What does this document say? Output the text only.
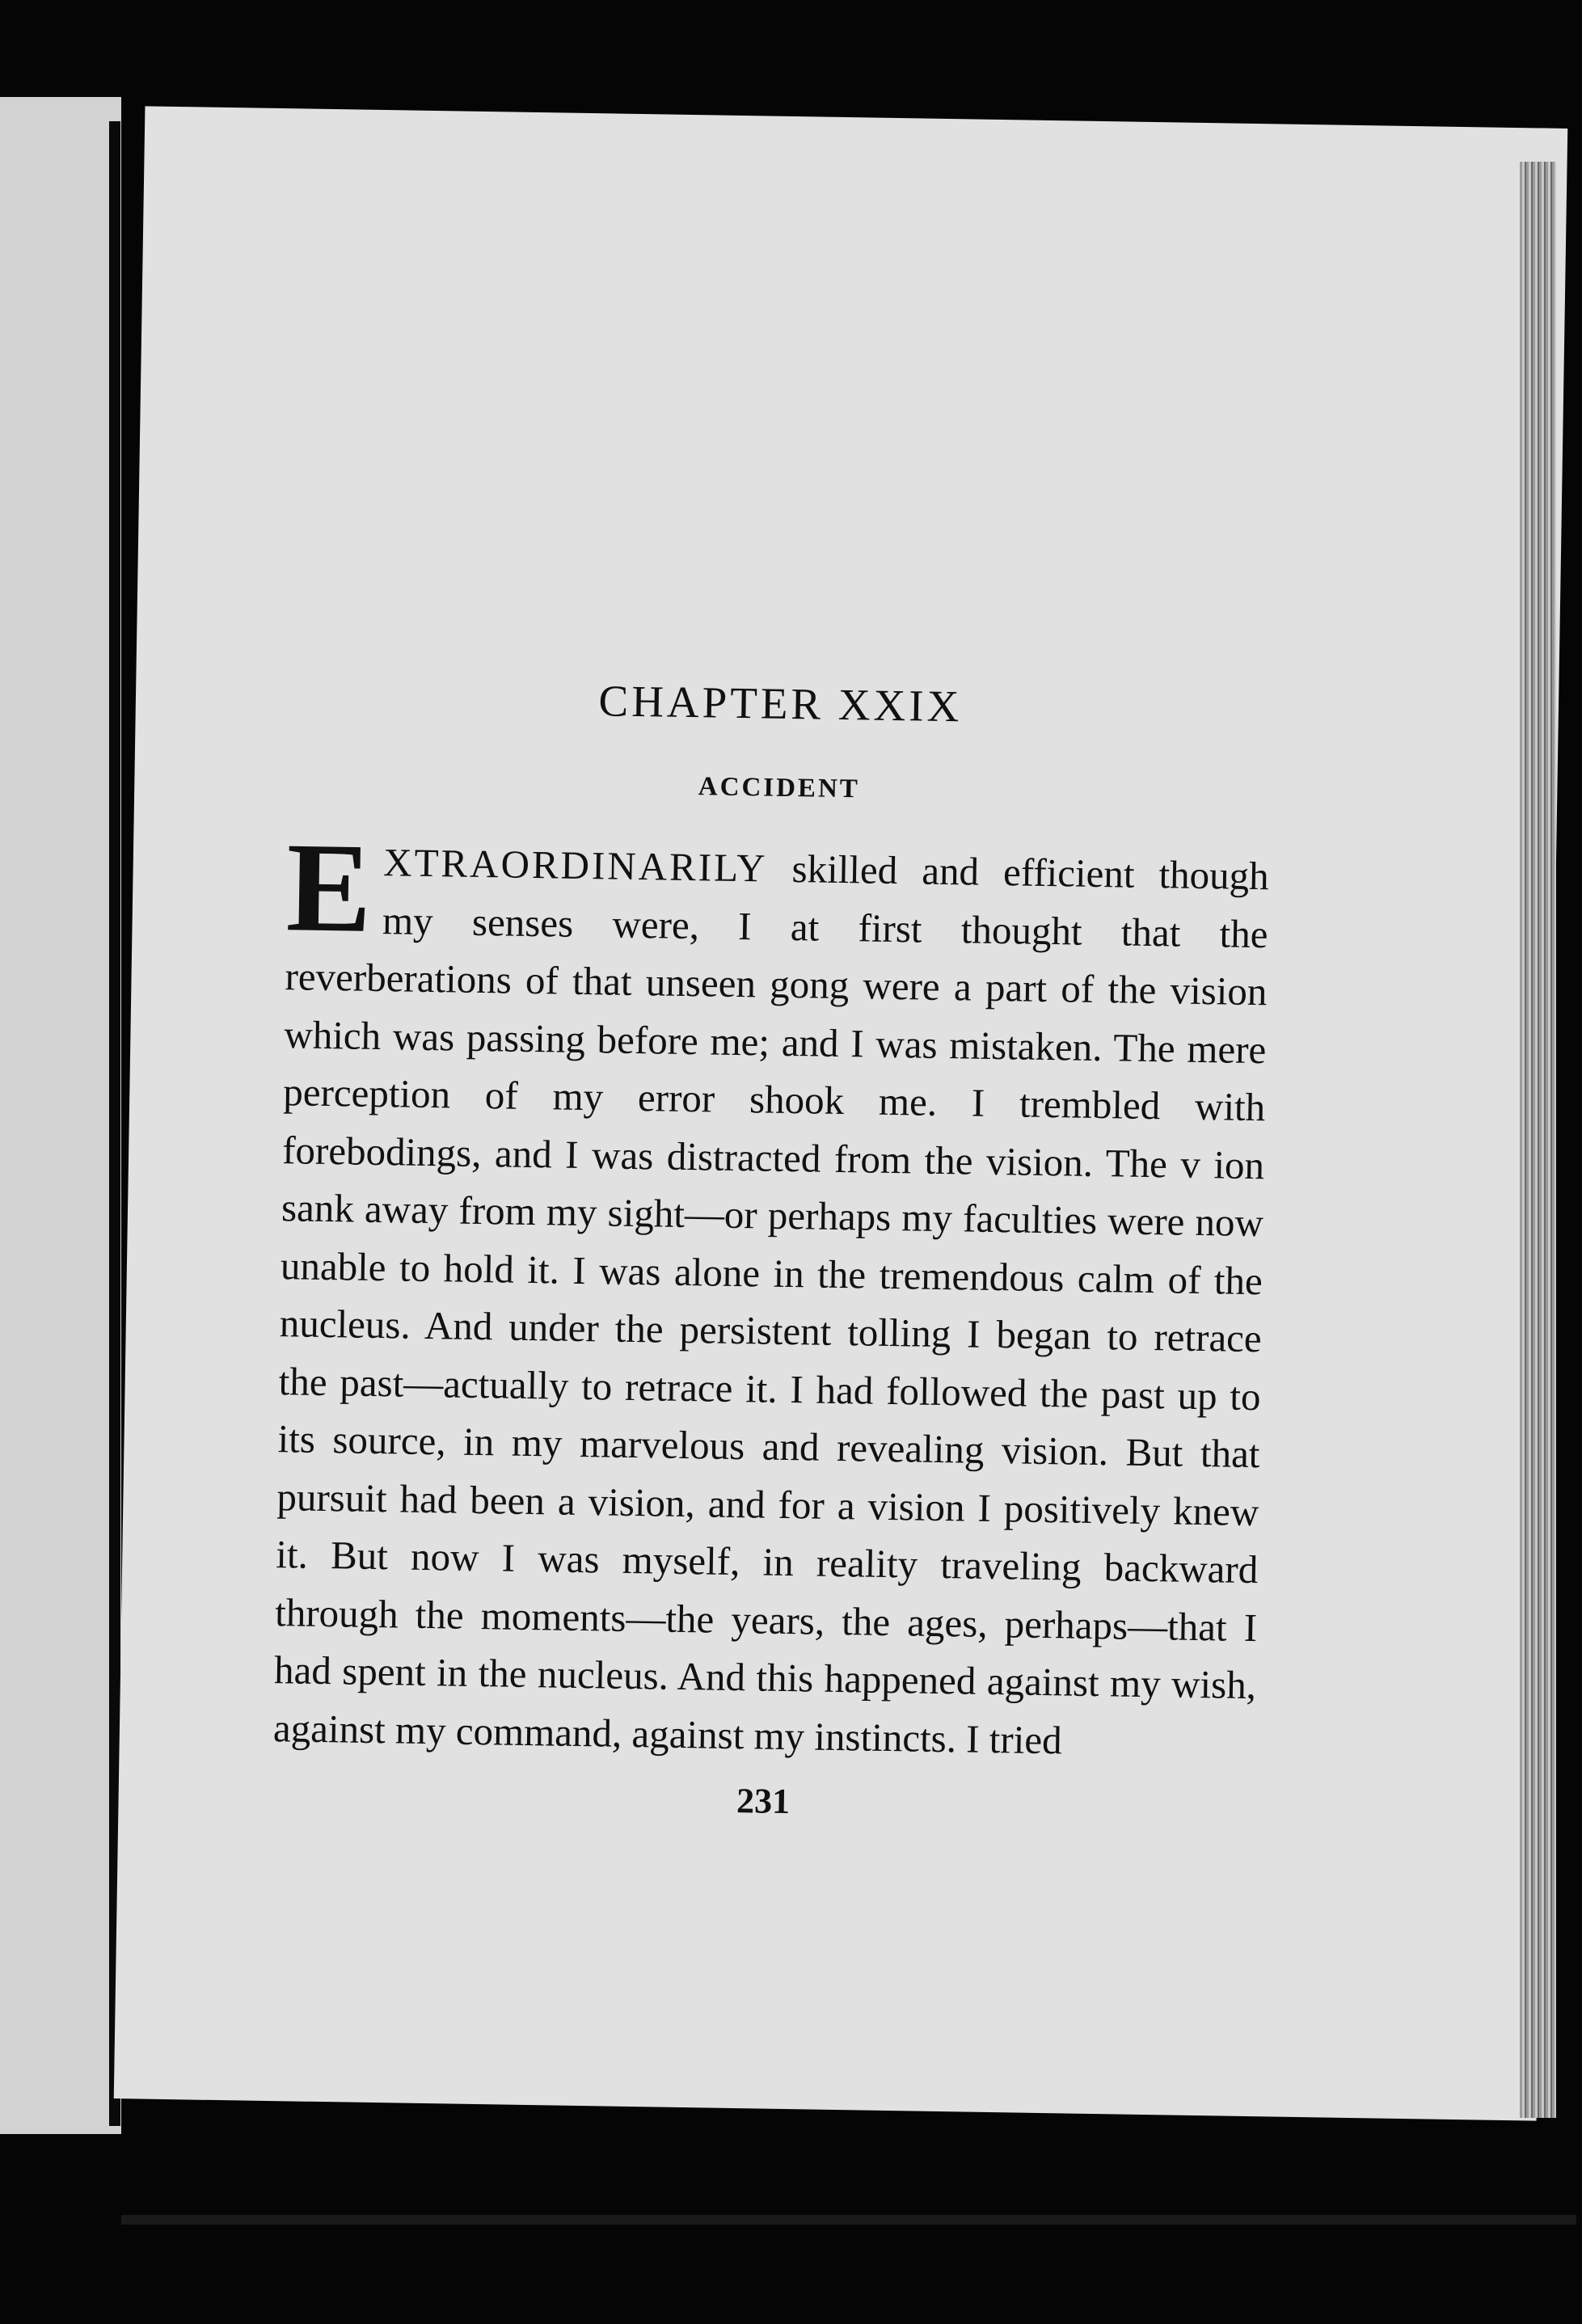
CHAPTER XXIX
ACCIDENT

EXTRAORDINARILY skilled and efficient though my senses were, I at first thought that the reverberations of that unseen gong were a part of the vision which was passing before me; and I was mistaken. The mere perception of my error shook me. I trembled with forebodings, and I was distracted from the vision. The v ion sank away from my sight—or perhaps my faculties were now unable to hold it. I was alone in the tremendous calm of the nucleus. And under the persistent tolling I began to retrace the past—actually to retrace it. I had followed the past up to its source, in my marvelous and revealing vision. But that pursuit had been a vision, and for a vision I positively knew it. But now I was myself, in reality traveling backward through the moments—the years, the ages, perhaps—that I had spent in the nucleus. And this happened against my wish, against my command, against my instincts. I tried

231
